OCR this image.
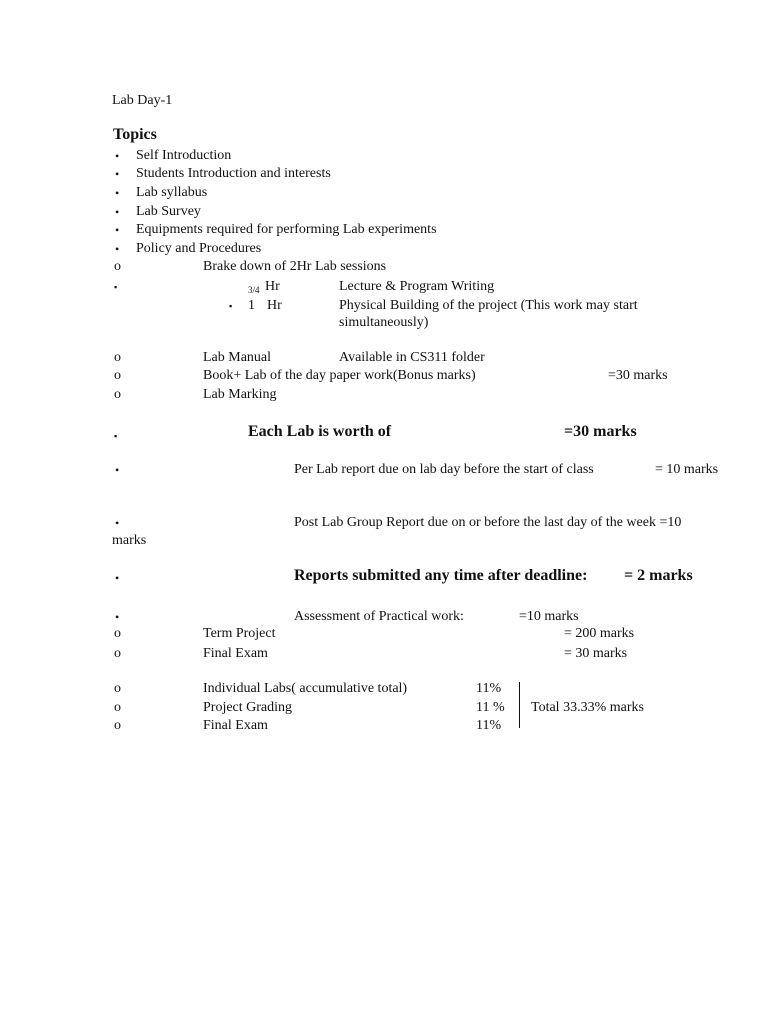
Lab Day-1
Topics
• Self Introduction
• Students Introduction and interests
• Lab syllabus
• Lab Survey
• Equipments required for performing Lab experiments
• Policy and Procedures
o	Brake down of 2Hr Lab sessions
▪	3/4 Hr	Lecture & Program Writing
▪ 1 Hr	Physical Building of the project (This work may start
simultaneously)
o	Lab Manual	Available in CS311 folder
o	Book+ Lab of the day paper work(Bonus marks)	=30 marks
o	Lab Marking
▪	Each Lab is worth of	=30 marks
•	Per Lab report due on lab day before the start of class	= 10 marks
•	Post Lab Group Report due on or before the last day of the week =10
marks
•	Reports submitted any time after deadline: = 2 marks
•	Assessment of Practical work:	=10 marks
o	Term Project	= 200 marks
o	Final Exam	= 30 marks
o	Individual Labs( accumulative total)	11%
o	Project Grading	11 %
o	Final Exam	11%
Total 33.33% marks
